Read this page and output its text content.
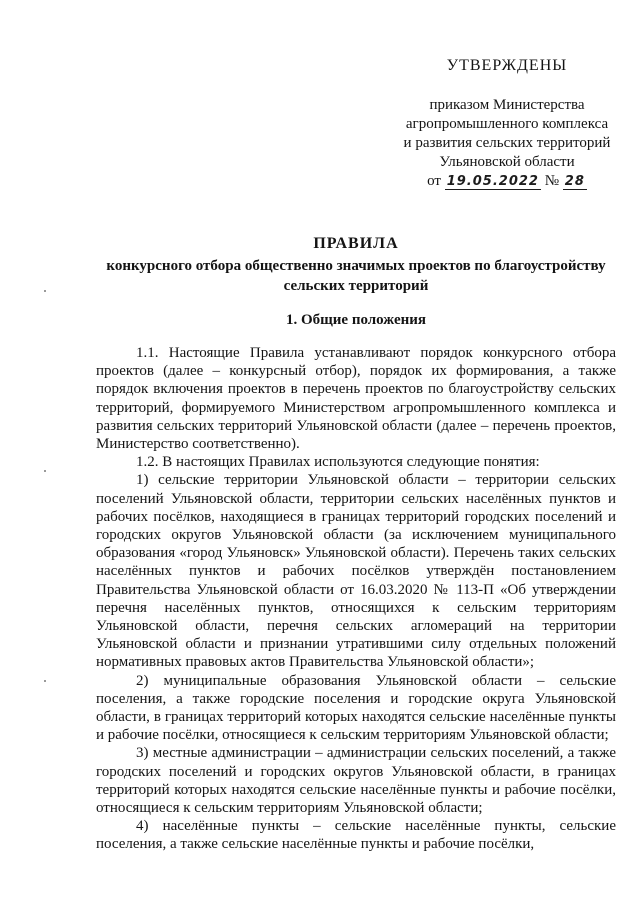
УТВЕРЖДЕНЫ
приказом Министерства
агропромышленного комплекса
и развития сельских территорий
Ульяновской области
от 19.05.2022 № 28
ПРАВИЛА
конкурсного отбора общественно значимых проектов по благоустройству сельских территорий
1. Общие положения

1.1. Настоящие Правила устанавливают порядок конкурсного отбора проектов (далее – конкурсный отбор), порядок их формирования, а также порядок включения проектов в перечень проектов по благоустройству сельских территорий, формируемого Министерством агропромышленного комплекса и развития сельских территорий Ульяновской области (далее – перечень проектов, Министерство соответственно).

1.2. В настоящих Правилах используются следующие понятия:

1) сельские территории Ульяновской области – территории сельских поселений Ульяновской области, территории сельских населённых пунктов и рабочих посёлков, находящиеся в границах территорий городских поселений и городских округов Ульяновской области (за исключением муниципального образования «город Ульяновск» Ульяновской области). Перечень таких сельских населённых пунктов и рабочих посёлков утверждён постановлением Правительства Ульяновской области от 16.03.2020 № 113-П «Об утверждении перечня населённых пунктов, относящихся к сельским территориям Ульяновской области, перечня сельских агломераций на территории Ульяновской области и признании утратившими силу отдельных положений нормативных правовых актов Правительства Ульяновской области»;

2) муниципальные образования Ульяновской области – сельские поселения, а также городские поселения и городские округа Ульяновской области, в границах территорий которых находятся сельские населённые пункты и рабочие посёлки, относящиеся к сельским территориям Ульяновской области;

3) местные администрации – администрации сельских поселений, а также городских поселений и городских округов Ульяновской области, в границах территорий которых находятся сельские населённые пункты и рабочие посёлки, относящиеся к сельским территориям Ульяновской области;

4) населённые пункты – сельские населённые пункты, сельские поселения, а также сельские населённые пункты и рабочие посёлки,
